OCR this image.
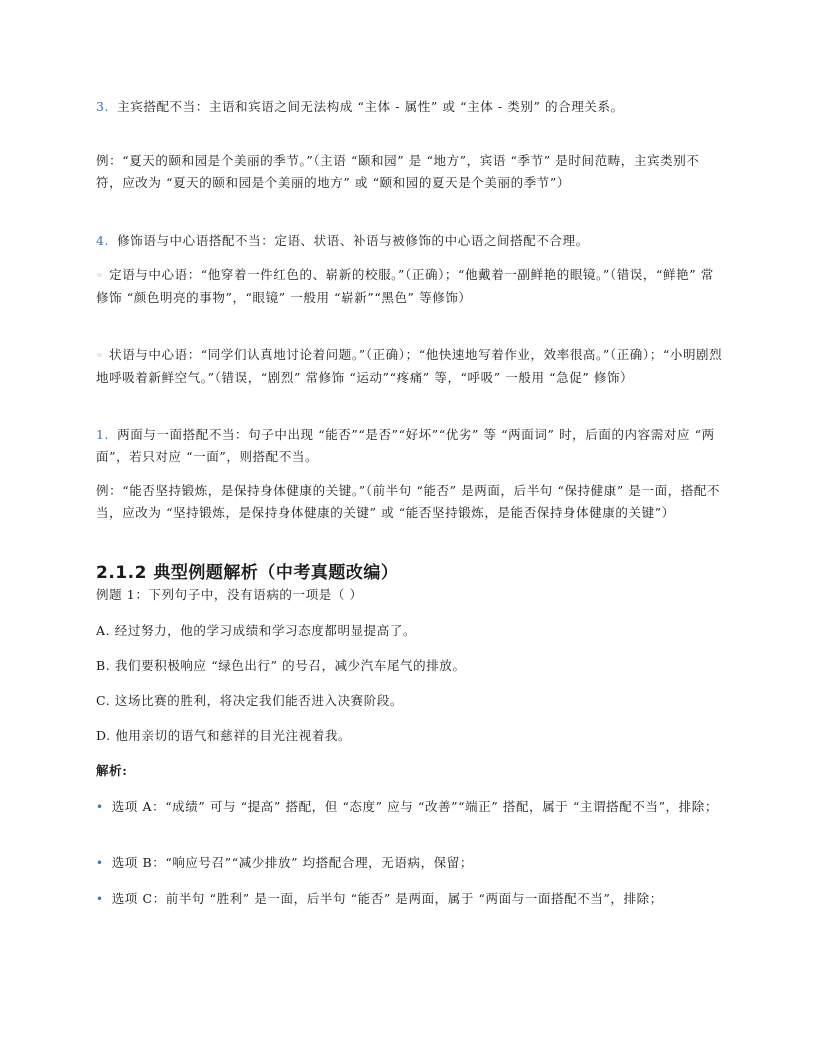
3. 主宾搭配不当：主语和宾语之间无法构成 “主体 - 属性” 或 “主体 - 类别” 的合理关系。

例：“夏天的颐和园是个美丽的季节。”（主语 “颐和园” 是 “地方”，宾语 “季节” 是时间范畴，主宾类别不符，应改为 “夏天的颐和园是个美丽的地方” 或 “颐和园的夏天是个美丽的季节”）

4. 修饰语与中心语搭配不当：定语、状语、补语与被修饰的中心语之间搭配不合理。

◦ 定语与中心语：“他穿着一件红色的、崭新的校服。”（正确）；“他戴着一副鲜艳的眼镜。”（错误，“鲜艳” 常修饰 “颜色明亮的事物”，“眼镜” 一般用 “崭新”“黑色” 等修饰）

◦ 状语与中心语：“同学们认真地讨论着问题。”（正确）；“他快速地写着作业，效率很高。”（正确）；“小明剧烈地呼吸着新鲜空气。”（错误，“剧烈” 常修饰 “运动”“疼痛” 等，“呼吸” 一般用 “急促” 修饰）

1. 两面与一面搭配不当：句子中出现 “能否”“是否”“好坏”“优劣” 等 “两面词” 时，后面的内容需对应 “两面”，若只对应 “一面”，则搭配不当。

例：“能否坚持锻炼，是保持身体健康的关键。”（前半句 “能否” 是两面，后半句 “保持健康” 是一面，搭配不当，应改为 “坚持锻炼，是保持身体健康的关键” 或 “能否坚持锻炼，是能否保持身体健康的关键”）

2.1.2 典型例题解析（中考真题改编）

例题 1：下列句子中，没有语病的一项是（ ）

A. 经过努力，他的学习成绩和学习态度都明显提高了。

B. 我们要积极响应 “绿色出行” 的号召，减少汽车尾气的排放。

C. 这场比赛的胜利，将决定我们能否进入决赛阶段。

D. 他用亲切的语气和慈祥的目光注视着我。

解析:

• 选项 A：“成绩” 可与 “提高” 搭配，但 “态度” 应与 “改善”“端正” 搭配，属于 “主谓搭配不当”，排除；

• 选项 B：“响应号召”“减少排放” 均搭配合理，无语病，保留；

• 选项 C：前半句 “胜利” 是一面，后半句 “能否” 是两面，属于 “两面与一面搭配不当”，排除；
